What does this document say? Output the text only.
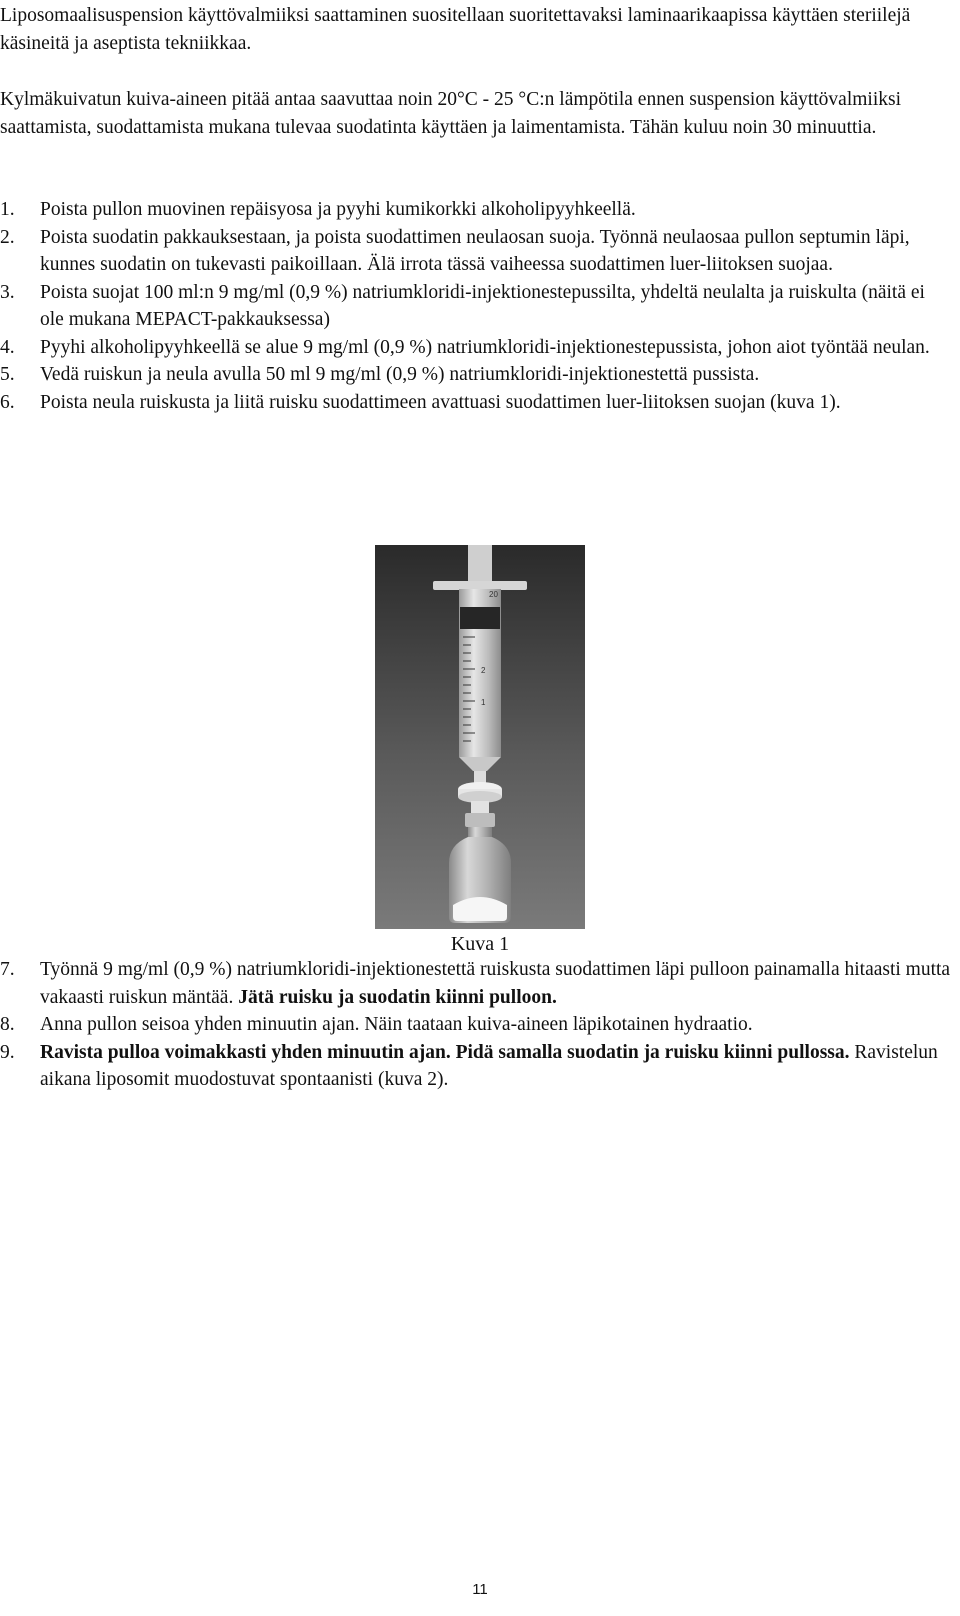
Liposomaalisuspension käyttövalmiiksi saattaminen suositellaan suoritettavaksi laminaarikaapissa käyttäen steriilejä käsineitä ja aseptista tekniikkaa.

Kylmäkuivatun kuiva-aineen pitää antaa saavuttaa noin 20°C - 25 °C:n lämpötila ennen suspension käyttövalmiiksi saattamista, suodattamista mukana tulevaa suodatinta käyttäen ja laimentamista. Tähän kuluu noin 30 minuuttia.

1. Poista pullon muovinen repäisyosa ja pyyhi kumikorkki alkoholipyyhkeellä.
2. Poista suodatin pakkauksestaan, ja poista suodattimen neulaosan suoja. Työnnä neulaosaa pullon septumin läpi, kunnes suodatin on tukevasti paikoillaan. Älä irrota tässä vaiheessa suodattimen luer-liitoksen suojaa.
3. Poista suojat 100 ml:n 9 mg/ml (0,9 %) natriumkloridi-injektionestepussilta, yhdeltä neulalta ja ruiskulta (näitä ei ole mukana MEPACT-pakkauksessa)
4. Pyyhi alkoholipyyhkeellä se alue 9 mg/ml (0,9 %) natriumkloridi-injektionestepussista, johon aiot työntää neulan.
5. Vedä ruiskun ja neula avulla 50 ml 9 mg/ml (0,9 %) natriumkloridi-injektionestettä pussista.
6. Poista neula ruiskusta ja liitä ruisku suodattimeen avattuasi suodattimen luer-liitoksen suojan (kuva 1).
20
2
1
Kuva 1
7. Työnnä 9 mg/ml (0,9 %) natriumkloridi-injektionestettä ruiskusta suodattimen läpi pulloon painamalla hitaasti mutta vakaasti ruiskun mäntää. Jätä ruisku ja suodatin kiinni pulloon.
8. Anna pullon seisoa yhden minuutin ajan. Näin taataan kuiva-aineen läpikotainen hydraatio.
9. Ravista pulloa voimakkasti yhden minuutin ajan. Pidä samalla suodatin ja ruisku kiinni pullossa. Ravistelun aikana liposomit muodostuvat spontaanisti (kuva 2).
11
